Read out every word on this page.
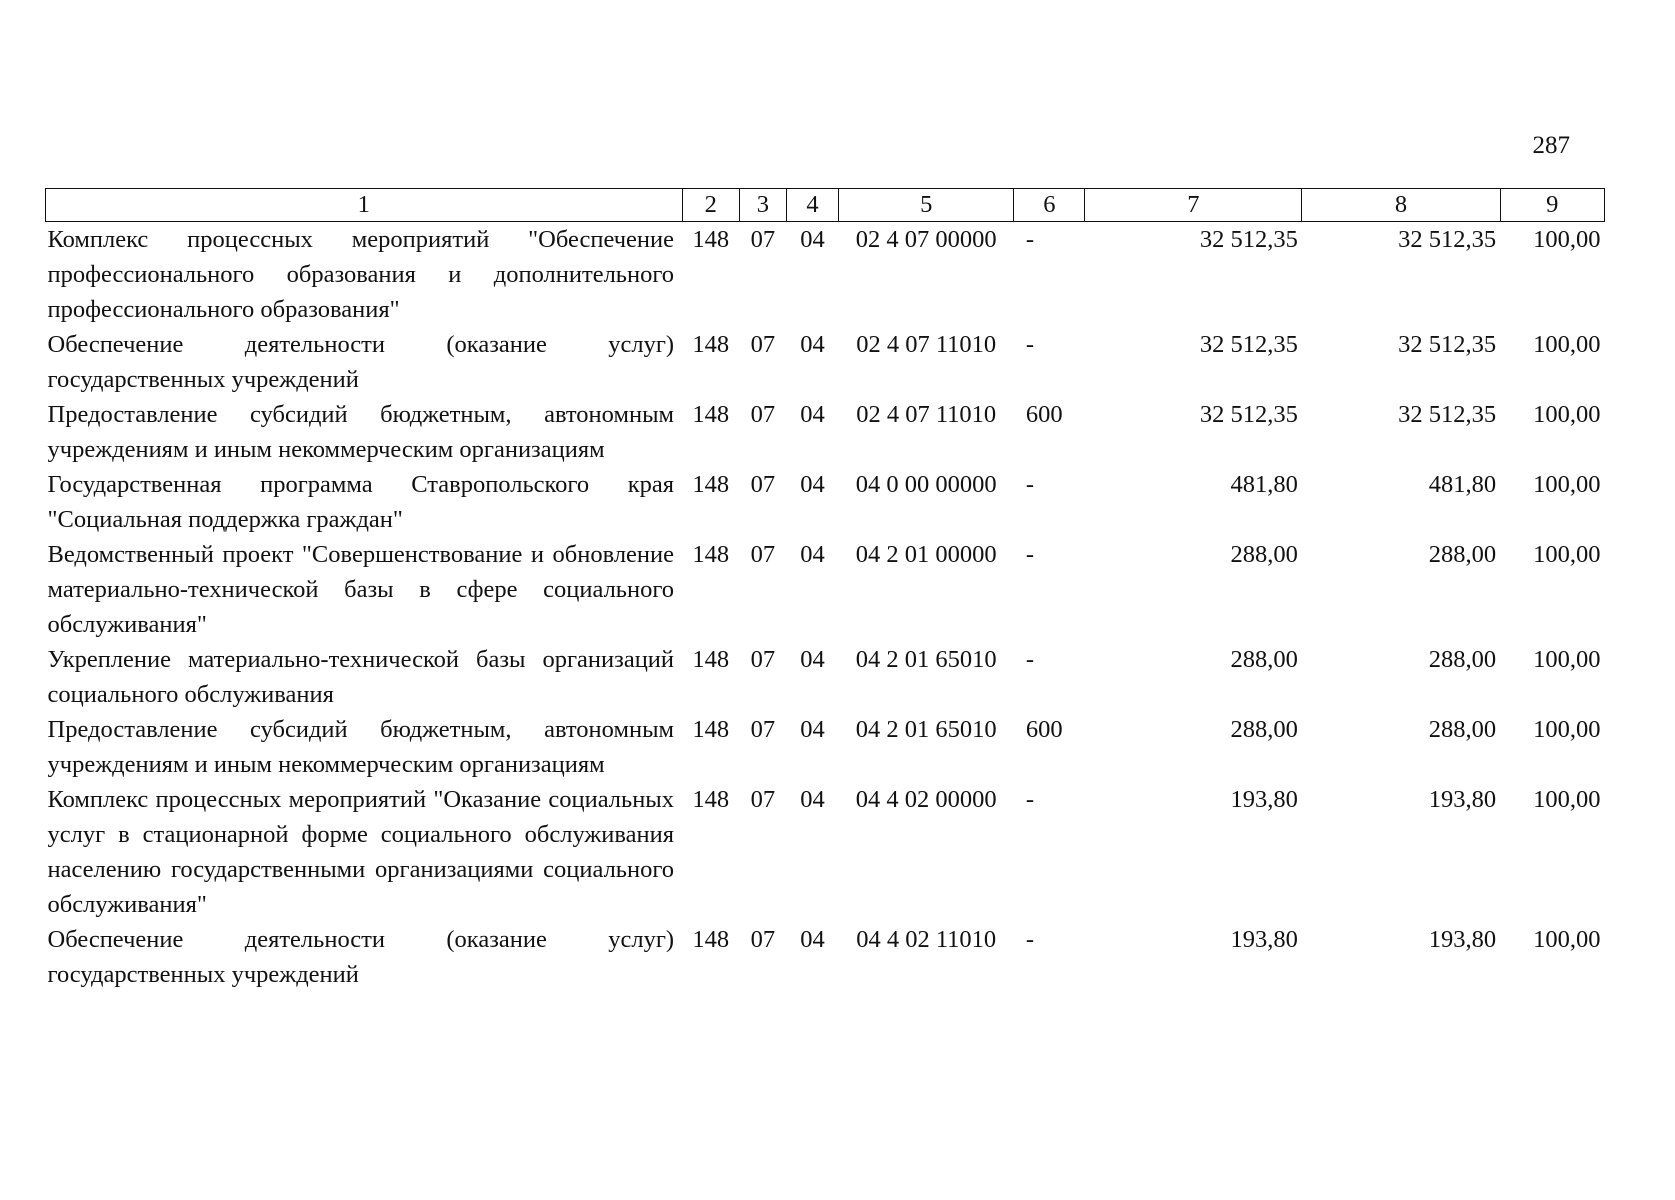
287
1	2	3	4	5	6	7	8	9
Комплекс процессных мероприятий "Обеспечение профессионального образования и дополнительного профессионального образования"	148	07	04	02 4 07 00000	-	32 512,35	32 512,35	100,00
Обеспечение деятельности (оказание услуг) государственных учреждений	148	07	04	02 4 07 11010	-	32 512,35	32 512,35	100,00
Предоставление субсидий бюджетным, автономным учреждениям и иным некоммерческим организациям	148	07	04	02 4 07 11010	600	32 512,35	32 512,35	100,00
Государственная программа Ставропольского края "Социальная поддержка граждан"	148	07	04	04 0 00 00000	-	481,80	481,80	100,00
Ведомственный проект "Совершенствование и обновление материально-технической базы в сфере социального обслуживания"	148	07	04	04 2 01 00000	-	288,00	288,00	100,00
Укрепление материально-технической базы организаций социального обслуживания	148	07	04	04 2 01 65010	-	288,00	288,00	100,00
Предоставление субсидий бюджетным, автономным учреждениям и иным некоммерческим организациям	148	07	04	04 2 01 65010	600	288,00	288,00	100,00
Комплекс процессных мероприятий "Оказание социальных услуг в стационарной форме социального обслуживания населению государственными организациями социального обслуживания"	148	07	04	04 4 02 00000	-	193,80	193,80	100,00
Обеспечение деятельности (оказание услуг) государственных учреждений	148	07	04	04 4 02 11010	-	193,80	193,80	100,00
